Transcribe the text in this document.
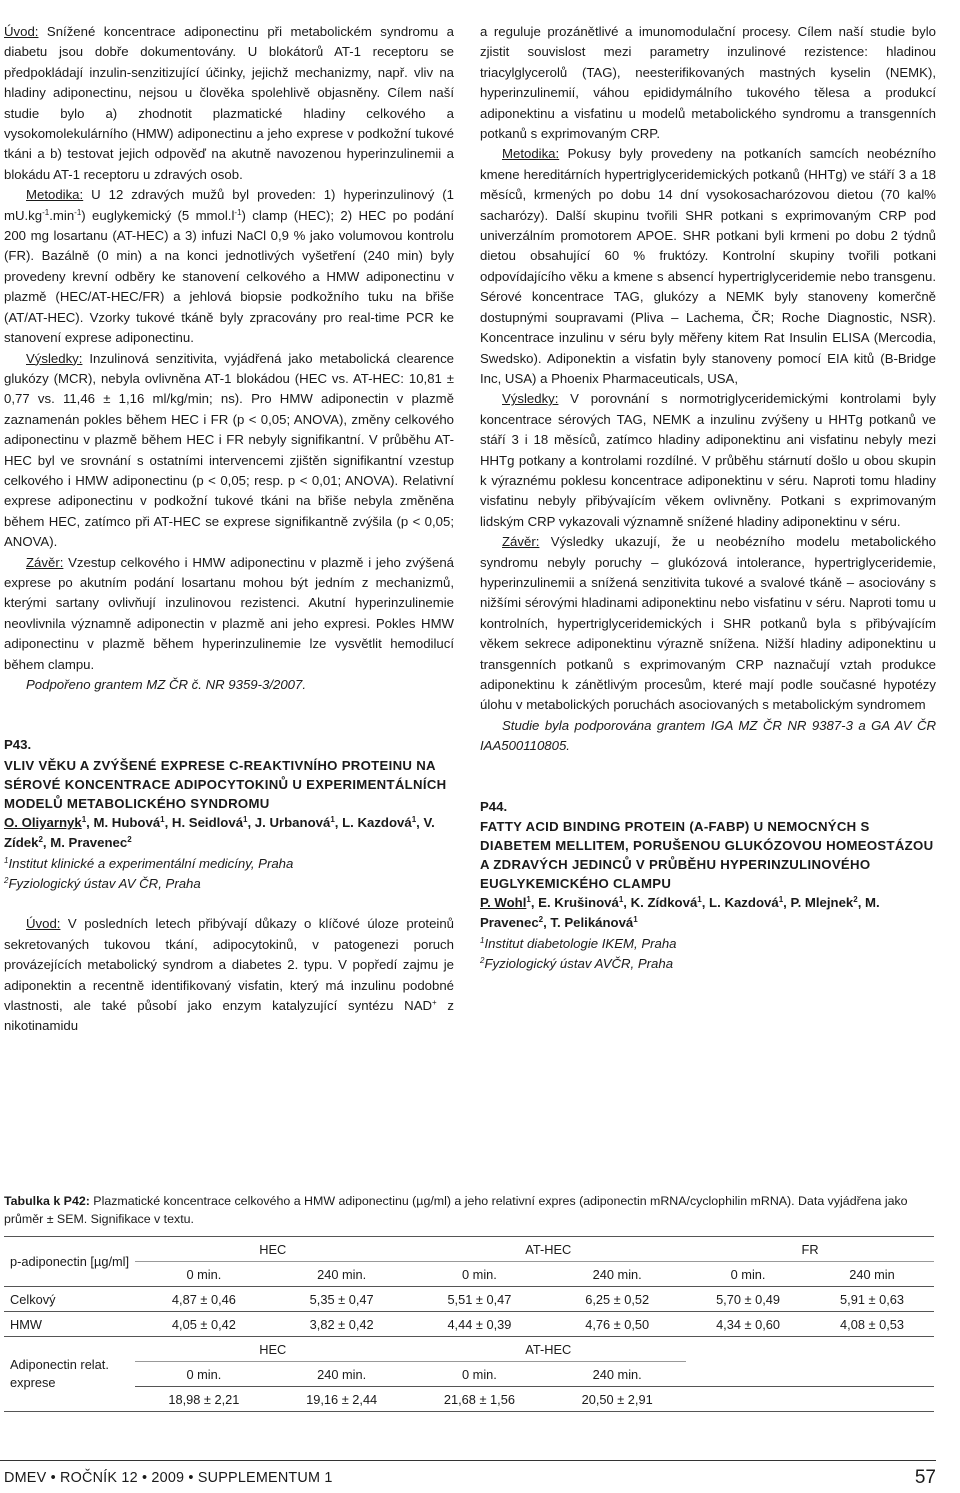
Úvod: Snížené koncentrace adiponectinu při metabolickém syndromu a diabetu jsou dobře dokumentovány. U blokátorů AT-1 receptoru se předpokládají inzulin-senzitizující účinky, jejichž mechanizmy, např. vliv na hladiny adiponectinu, nejsou u člověka spolehlivě objasněny. Cílem naší studie bylo a) zhodnotit plazmatické hladiny celkového a vysokomolekulárního (HMW) adiponectinu a jeho exprese v podkožní tukové tkáni a b) testovat jejich odpověď na akutně navozenou hyperinzulinemii a blokádu AT-1 receptoru u zdravých osob.

Metodika: U 12 zdravých mužů byl proveden: 1) hyperinzulinový (1 $mU.kg^{-1}.\min^{-1}$) euglykemický (5 $mmol.l^{-1}$) clamp (HEC); 2) HEC po podání 200 mg losartanu (AT-HEC) a 3) infuzi NaCl 0,9 % jako volumovou kontrolu (FR). Bazálně (0 min) a na konci jednotlivých vyšetření (240 min) byly provedeny krevní odběry ke stanovení celkového a HMW adiponectinu v plazmě (HEC/AT-HEC/FR) a jehlová biopsie podkožního tuku na břiše (AT/AT-HEC). Vzorky tukové tkáně byly zpracovány pro real-time PCR ke stanovení exprese adiponectinu.

Výsledky: Inzulinová senzitivita, vyjádřená jako metabolická clearence glukózy (MCR), nebyla ovlivněna AT-1 blokádou (HEC vs. AT-HEC: 10,81 ± 0,77 vs. 11,46 ± 1,16 ml/kg/min; ns). Pro HMW adiponectin v plazmě zaznamenán pokles během HEC i FR (p < 0,05; ANOVA), změny celkového adiponectinu v plazmě během HEC i FR nebyly signifikantní. V průběhu AT-HEC byl ve srovnání s ostatními intervencemi zjištěn signifikantní vzestup celkového i HMW adiponectinu (p < 0,05; resp. p < 0,01; ANOVA). Relativní exprese adiponectinu v podkožní tukové tkáni na břiše nebyla změněna během HEC, zatímco při AT-HEC se exprese signifikantně zvýšila (p < 0,05; ANOVA).

Závěr: Vzestup celkového i HMW adiponectinu v plazmě i jeho zvýšená exprese po akutním podání losartanu mohou být jedním z mechanizmů, kterými sartany ovlivňují inzulinovou rezistenci. Akutní hyperinzulinemie neovlivnila významně adiponectin v plazmě ani jeho expresi. Pokles HMW adiponectinu v plazmě během hyperinzulinemie lze vysvětlit hemodilucí během clampu.

Podpořeno grantem MZ ČR č. NR 9359-3/2007.

P43.

VLIV VĚKU A ZVÝŠENÉ EXPRESE C-REAKTIVNÍHO PROTEINU NA SÉROVÉ KONCENTRACE ADIPOCYTOKINŮ U EXPERIMENTÁLNÍCH MODELŮ METABOLICKÉHO SYNDROMU

O. Oliyarnyk$^1$, M. Hubová$^1$, H. Seidlová$^1$, J. Urbanová$^1$, L. Kazdová$^1$, V. Zídek$^2$, M. Pravenec$^2$

$^1$Institut klinické a experimentální medicíny, Praha

$^2$Fyziologický ústav AV ČR, Praha

Úvod: V posledních letech přibývají důkazy o klíčové úloze proteinů sekretovaných tukovou tkání, adipocytokinů, v patogenezi poruch provázejících metabolický syndrom a diabetes 2. typu. V popředí zajmu je adiponektin a recentně identifikovaný visfatin, který má inzulinu podobné vlastnosti, ale také působí jako enzym katalyzující syntézu NAD+ z nikotinamidu

a reguluje prozánětlivé a imunomodulační procesy. Cílem naší studie bylo zjistit souvislost mezi parametry inzulinové rezistence: hladinou triacylglycerolů (TAG), neesterifikovaných mastných kyselin (NEMK), hyperinzulinemií, váhou epididymálního tukového tělesa a produkcí adiponektinu a visfatinu u modelů metabolického syndromu a transgenních potkanů s exprimovaným CRP.

Metodika: Pokusy byly provedeny na potkaních samcích neobézního kmene hereditárních hypertriglyceridemických potkanů (HHTg) ve stáří 3 a 18 měsíců, krmených po dobu 14 dní vysokosacharózovou dietou (70 kal% sacharózy). Další skupinu tvořili SHR potkani s exprimovaným CRP pod univerzálním promotorem APOE. SHR potkani byli krmeni po dobu 2 týdnů dietou obsahující 60 % fruktózy. Kontrolní skupiny tvořili potkani odpovídajícího věku a kmene s absencí hypertriglyceridemie nebo transgenu. Sérové koncentrace TAG, glukózy a NEMK byly stanoveny komerčně dostupnými soupravami (Pliva – Lachema, ČR; Roche Diagnostic, NSR). Koncentrace inzulinu v séru byly měřeny kitem Rat Insulin ELISA (Mercodia, Swedsko). Adiponektin a visfatin byly stanoveny pomocí EIA kitů (B-Bridge Inc, USA) a Phoenix Pharmaceuticals, USA,

Výsledky: V porovnání s normotriglyceridemickými kontrolami byly koncentrace sérových TAG, NEMK a inzulinu zvýšeny u HHTg potkanů ve stáří 3 i 18 měsíců, zatímco hladiny adiponektinu ani visfatinu nebyly mezi HHTg potkany a kontrolami rozdílné. V průběhu stárnutí došlo u obou skupin k výraznému poklesu koncentrace adiponektinu v séru. Naproti tomu hladiny visfatinu nebyly přibývajícím věkem ovlivněny. Potkani s exprimovaným lidským CRP vykazovali významně snížené hladiny adiponektinu v séru.

Závěr: Výsledky ukazují, že u neobézního modelu metabolického syndromu nebyly poruchy – glukózová intolerance, hypertriglyceridemie, hyperinzulinemii a snížená senzitivita tukové a svalové tkáně – asociovány s nižšími sérovými hladinami adiponektinu nebo visfatinu v séru. Naproti tomu u kontrolních, hypertriglyceridemických i SHR potkanů byla s přibývajícím věkem sekrece adiponektinu výrazně snížena. Nižší hladiny adiponektinu u transgenních potkanů s exprimovaným CRP naznačují vztah produkce adiponektinu k zánětlivým procesům, které mají podle současné hypotézy úlohu v metabolických poruchách asociovaných s metabolickým syndromem

Studie byla podporována grantem IGA MZ ČR NR 9387-3 a GA AV ČR IAA500110805.

P44.

FATTY ACID BINDING PROTEIN (A-FABP) U NEMOCNÝCH S DIABETEM MELLITEM, PORUŠENOU GLUKÓZOVOU HOMEOSTÁZOU A ZDRAVÝCH JEDINCŮ V PRŮBĚHU HYPERINZULINOVÉHO EUGLYKEMICKÉHO CLAMPU

P. Wohl$^1$, E. Krušinová$^1$, K. Zídková$^1$, L. Kazdová$^1$, P. Mlejnek$^2$, M. Pravenec$^2$, T. Pelikánová$^1$

$^1$Institut diabetologie IKEM, Praha

$^2$Fyziologický ústav AVČR, Praha

Tabulka k P42: Plazmatické koncentrace celkového a HMW adiponectinu (µg/ml) a jeho relativní expres (adiponectin mRNA/cyclophilin mRNA). Data vyjádřena jako průměr ± SEM. Signifikace v textu.

p-adiponectin [µg/ml]	HEC		AT-HEC		FR	
	0 min.	240 min.	0 min.	240 min.	0 min.	240 min
Celkový	4,87 ± 0,46	5,35 ± 0,47	5,51 ± 0,47	6,25 ± 0,52	5,70 ± 0,49	5,91 ± 0,63
HMW	4,05 ± 0,42	3,82 ± 0,42	4,44 ± 0,39	4,76 ± 0,50	4,34 ± 0,60	4,08 ± 0,53
Adiponectin relat. exprese	HEC		AT-HEC			
	0 min.	240 min.	0 min.	240 min.		
	18,98 ± 2,21	19,16 ± 2,44	21,68 ± 1,56	20,50 ± 2,91		
DMEV • ROČNÍK 12 • 2009 • SUPPLEMENTUM 1	57
